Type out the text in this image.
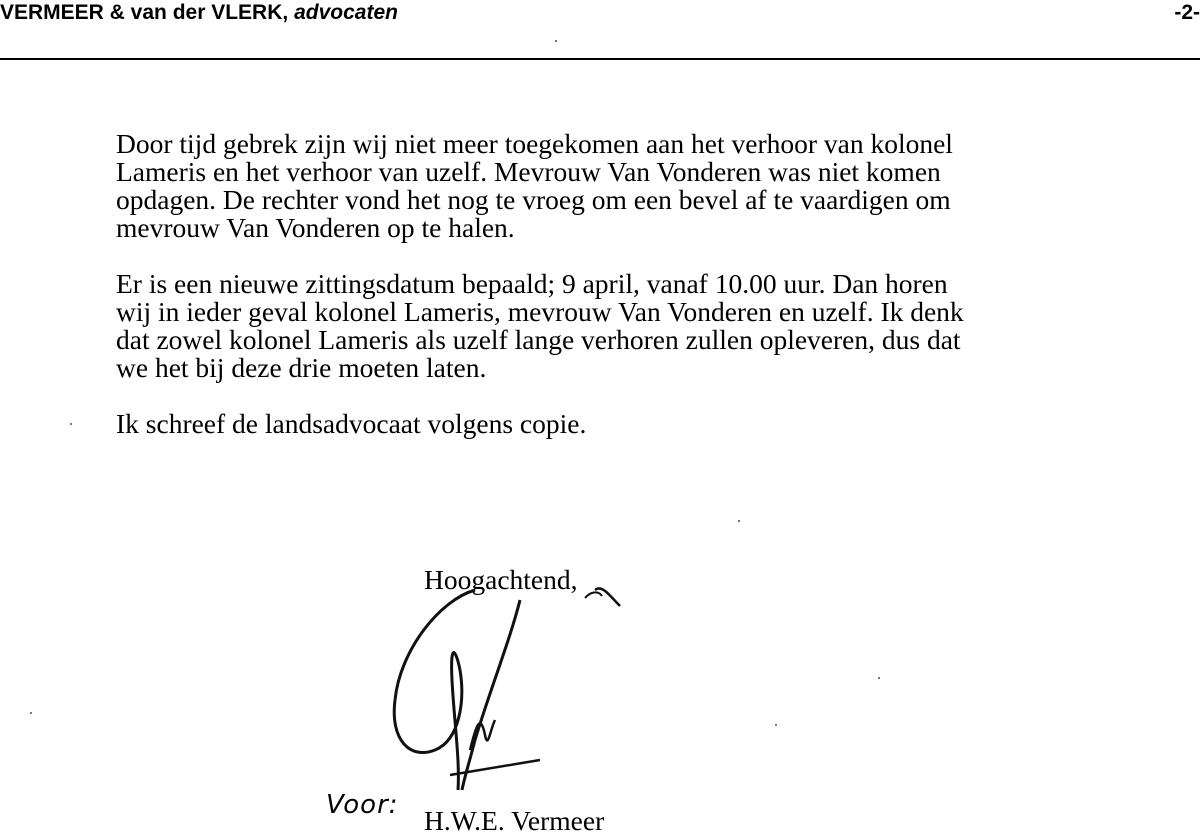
VERMEER & van der VLERK, advocaten	-2-

Door tijd gebrek zijn wij niet meer toegekomen aan het verhoor van kolonel
Lameris en het verhoor van uzelf. Mevrouw Van Vonderen was niet komen
opdagen. De rechter vond het nog te vroeg om een bevel af te vaardigen om
mevrouw Van Vonderen op te halen.

Er is een nieuwe zittingsdatum bepaald; 9 april, vanaf 10.00 uur. Dan horen
wij in ieder geval kolonel Lameris, mevrouw Van Vonderen en uzelf. Ik denk
dat zowel kolonel Lameris als uzelf lange verhoren zullen opleveren, dus dat
we het bij deze drie moeten laten.

Ik schreef de landsadvocaat volgens copie.

Hoogachtend,
Voor: H.W.E. Vermeer
